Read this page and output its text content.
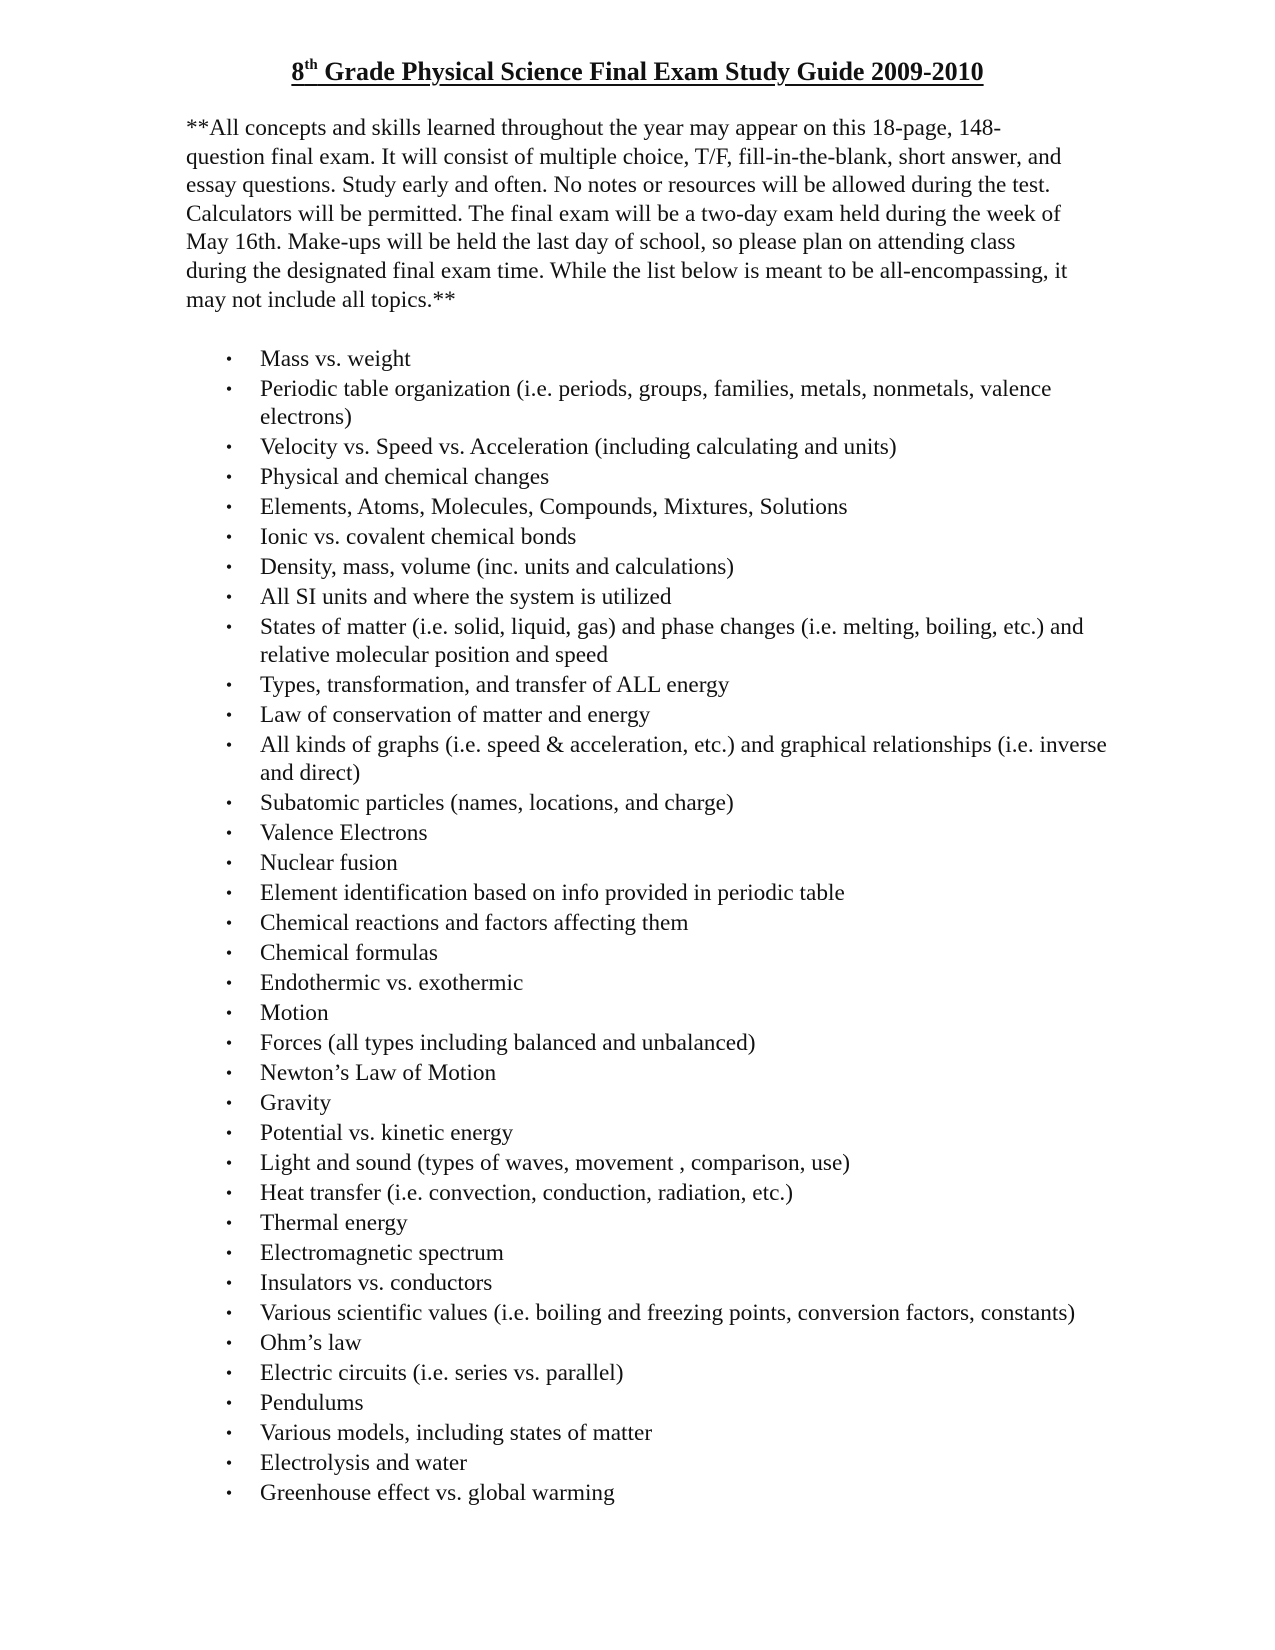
8th Grade Physical Science Final Exam Study Guide 2009-2010

**All concepts and skills learned throughout the year may appear on this 18-page, 148-
question final exam. It will consist of multiple choice, T/F, fill-in-the-blank, short answer, and
essay questions. Study early and often. No notes or resources will be allowed during the test.
Calculators will be permitted. The final exam will be a two-day exam held during the week of
May 16th. Make-ups will be held the last day of school, so please plan on attending class
during the designated final exam time. While the list below is meant to be all-encompassing, it
may not include all topics.**

• Mass vs. weight
• Periodic table organization (i.e. periods, groups, families, metals, nonmetals, valence electrons)
• Velocity vs. Speed vs. Acceleration (including calculating and units)
• Physical and chemical changes
• Elements, Atoms, Molecules, Compounds, Mixtures, Solutions
• Ionic vs. covalent chemical bonds
• Density, mass, volume (inc. units and calculations)
• All SI units and where the system is utilized
• States of matter (i.e. solid, liquid, gas) and phase changes (i.e. melting, boiling, etc.) and relative molecular position and speed
• Types, transformation, and transfer of ALL energy
• Law of conservation of matter and energy
• All kinds of graphs (i.e. speed & acceleration, etc.) and graphical relationships (i.e. inverse and direct)
• Subatomic particles (names, locations, and charge)
• Valence Electrons
• Nuclear fusion
• Element identification based on info provided in periodic table
• Chemical reactions and factors affecting them
• Chemical formulas
• Endothermic vs. exothermic
• Motion
• Forces (all types including balanced and unbalanced)
• Newton’s Law of Motion
• Gravity
• Potential vs. kinetic energy
• Light and sound (types of waves, movement , comparison, use)
• Heat transfer (i.e. convection, conduction, radiation, etc.)
• Thermal energy
• Electromagnetic spectrum
• Insulators vs. conductors
• Various scientific values (i.e. boiling and freezing points, conversion factors, constants)
• Ohm’s law
• Electric circuits (i.e. series vs. parallel)
• Pendulums
• Various models, including states of matter
• Electrolysis and water
• Greenhouse effect vs. global warming
